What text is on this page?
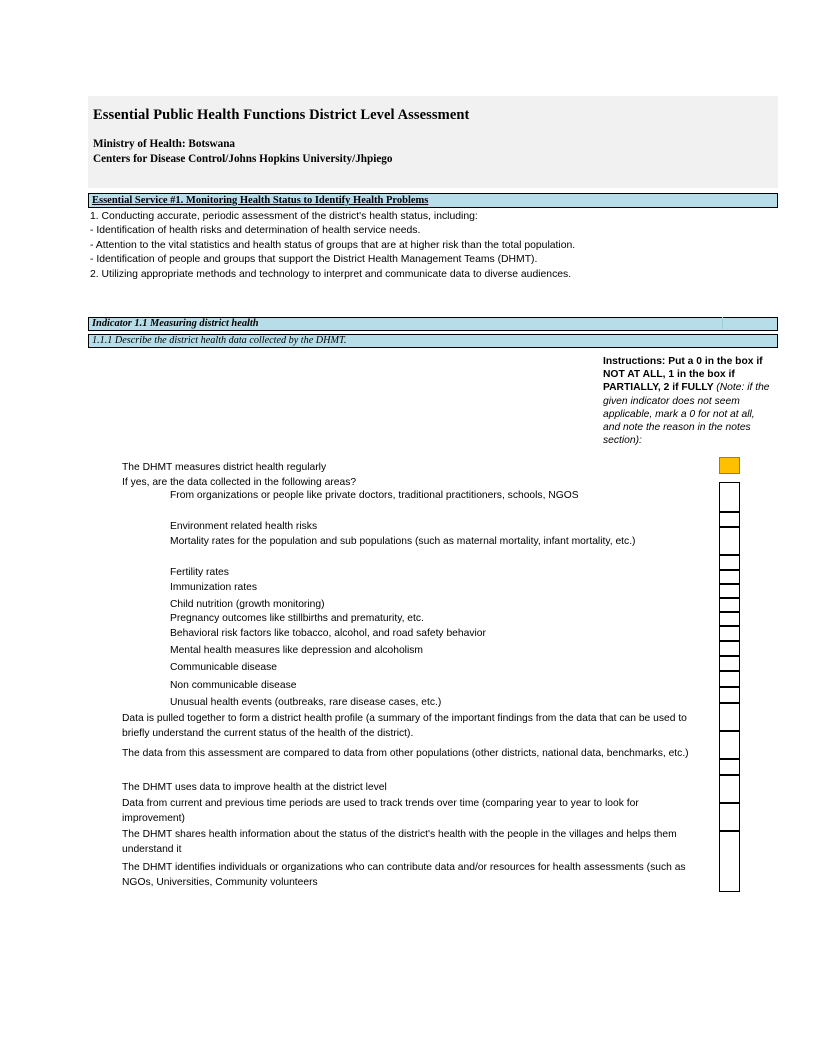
Essential Public Health Functions District Level Assessment
Ministry of Health: Botswana
Centers for Disease Control/Johns Hopkins University/Jhpiego
Essential Service #1. Monitoring Health Status to Identify Health Problems
1. Conducting accurate, periodic assessment of the district's health status, including:
- Identification of health risks and determination of health service needs.
- Attention to the vital statistics and health status of groups that are at higher risk than the total population.
- Identification of people and groups that support the District Health Management Teams (DHMT).
2. Utilizing appropriate methods and technology to interpret and communicate data to diverse audiences.
Indicator 1.1 Measuring district health
1.1.1 Describe the district health data collected by the DHMT.
Instructions: Put a 0 in the box if NOT AT ALL, 1 in the box if PARTIALLY, 2 if FULLY (Note: if the given indicator does not seem applicable, mark a 0 for not at all, and note the reason in the notes section):
The DHMT measures district health regularly
If yes, are the data collected in the following areas?
From organizations or people like private doctors, traditional practitioners, schools, NGOS
Environment related health risks
Mortality rates for the population and sub populations (such as maternal mortality, infant mortality, etc.)
Fertility rates
Immunization rates
Child nutrition (growth monitoring)
Pregnancy outcomes like stillbirths and prematurity, etc.
Behavioral risk factors like tobacco, alcohol, and road safety behavior
Mental health measures like depression and alcoholism
Communicable disease
Non communicable disease
Unusual health events (outbreaks, rare disease cases, etc.)
Data is pulled together to form a district health profile (a summary of the important findings from the data that can be used to briefly understand the current status of the health of the district).
The data from this assessment are compared to data from other populations (other districts, national data, benchmarks, etc.)
The DHMT uses data to improve health at the district level
Data from current and previous time periods are used to track trends over time (comparing year to year to look for improvement)
The DHMT shares health information about the status of the district's health with the people in the villages and helps them understand it
The DHMT identifies individuals or organizations who can contribute data and/or resources for health assessments (such as NGOs, Universities, Community volunteers
